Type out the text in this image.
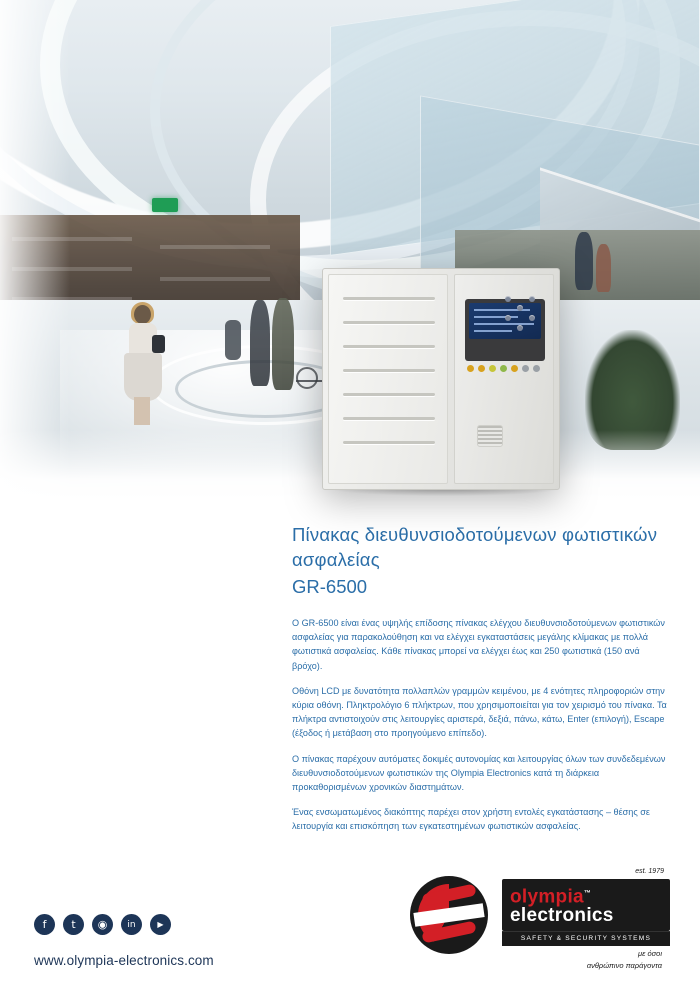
Πίνακας διευθυνσιοδοτούμενων φωτιστικών ασφαλείας
GR-6500

Ο GR-6500 είναι ένας υψηλής επίδοσης πίνακας ελέγχου διευθυνσιοδοτούμενων φωτιστικών ασφαλείας για παρακολούθηση και να ελέγχει εγκαταστάσεις μεγάλης κλίμακας με πολλά φωτιστικά ασφαλείας. Κάθε πίνακας μπορεί να ελέγχει έως και 250 φωτιστικά (150 ανά βρόχο).

Οθόνη LCD με δυνατότητα πολλαπλών γραμμών κειμένου, με 4 ενότητες πληροφοριών στην κύρια οθόνη. Πληκτρολόγιο 6 πλήκτρων, που χρησιμοποιείται για τον χειρισμό του πίνακα. Τα πλήκτρα αντιστοιχούν στις λειτουργίες αριστερά, δεξιά, πάνω, κάτω, Enter (επιλογή), Escape (έξοδος ή μετάβαση στο προηγούμενο επίπεδο).

Ο πίνακας παρέχουν αυτόματες δοκιμές αυτονομίας και λειτουργίας όλων των συνδεδεμένων διευθυνσιοδοτούμενων φωτιστικών της Olympia Electronics κατά τη διάρκεια προκαθορισμένων χρονικών διαστημάτων.

Ένας ενσωματωμένος διακόπτης παρέχει στον χρήστη εντολές εγκατάστασης – θέσης σε λειτουργία και επισκόπηση των εγκατεστημένων φωτιστικών ασφαλείας.

f	t	◉	in	▶
www.olympia-electronics.com
est. 1979
olympia™
electronics
SAFETY & SECURITY SYSTEMS
με όσοι
ανθρώπινο παράγοντα
